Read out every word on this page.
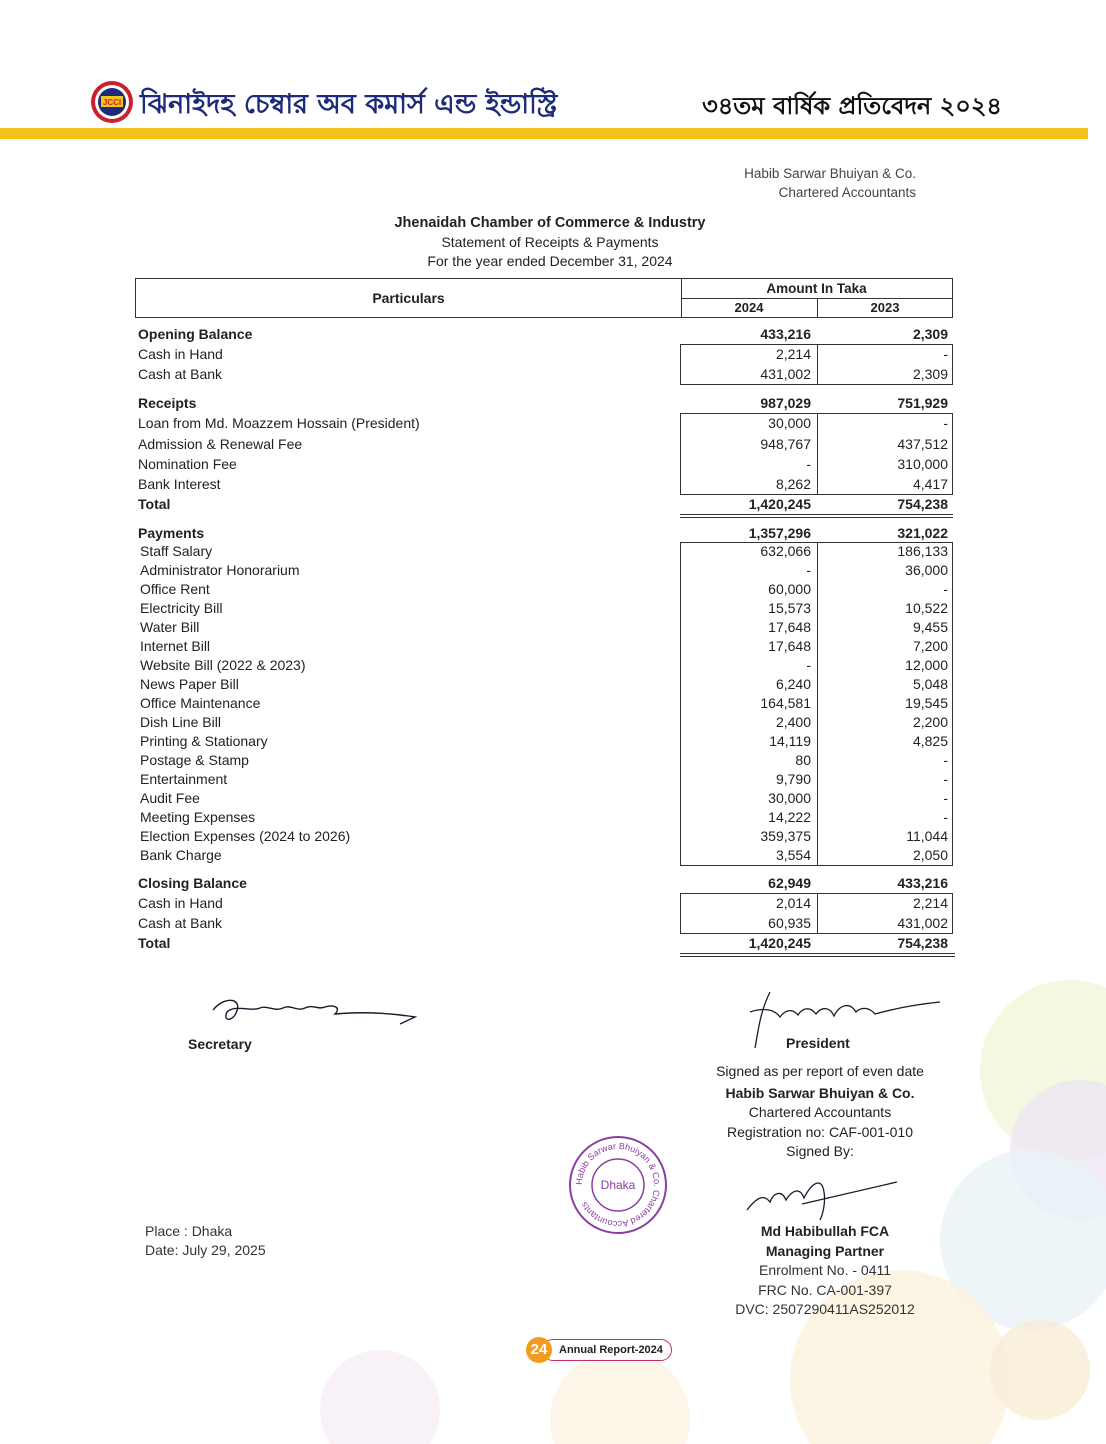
JCCI ঝিনাইদহ চেম্বার অব কমার্স এন্ড ইন্ডাস্ট্রি	৩৪তম বার্ষিক প্রতিবেদন ২০২৪
Habib Sarwar Bhuiyan & Co.
Chartered Accountants
Jhenaidah Chamber of Commerce & Industry
Statement of Receipts & Payments
For the year ended December 31, 2024
Particulars
Amount In Taka
2024	2023
Opening Balance	433,216	2,309
Cash in Hand	2,214	-
Cash at Bank	431,002	2,309
Receipts	987,029	751,929
Loan from Md. Moazzem Hossain (President)	30,000	-
Admission & Renewal Fee	948,767	437,512
Nomination Fee	-	310,000
Bank Interest	8,262	4,417
Total	1,420,245	754,238
Payments	1,357,296	321,022
Staff Salary	632,066	186,133
Administrator Honorarium	-	36,000
Office Rent	60,000	-
Electricity Bill	15,573	10,522
Water Bill	17,648	9,455
Internet Bill	17,648	7,200
Website Bill (2022 & 2023)	-	12,000
News Paper Bill	6,240	5,048
Office Maintenance	164,581	19,545
Dish Line Bill	2,400	2,200
Printing & Stationary	14,119	4,825
Postage & Stamp	80	-
Entertainment	9,790	-
Audit Fee	30,000	-
Meeting Expenses	14,222	-
Election Expenses (2024 to 2026)	359,375	11,044
Bank Charge	3,554	2,050
Closing Balance	62,949	433,216
Cash in Hand	2,014	2,214
Cash at Bank	60,935	431,002
Total	1,420,245	754,238
Secretary	President
Signed as per report of even date
Habib Sarwar Bhuiyan & Co.
Chartered Accountants
Registration no: CAF-001-010
Signed By:
Habib Sarwar Bhuiyan & Co. Chartered Accountants
Dhaka
Place : Dhaka
Date: July 29, 2025
Md Habibullah FCA
Managing Partner
Enrolment No. - 0411
FRC No. CA-001-397
DVC: 2507290411AS252012
Annual Report-2024
24
